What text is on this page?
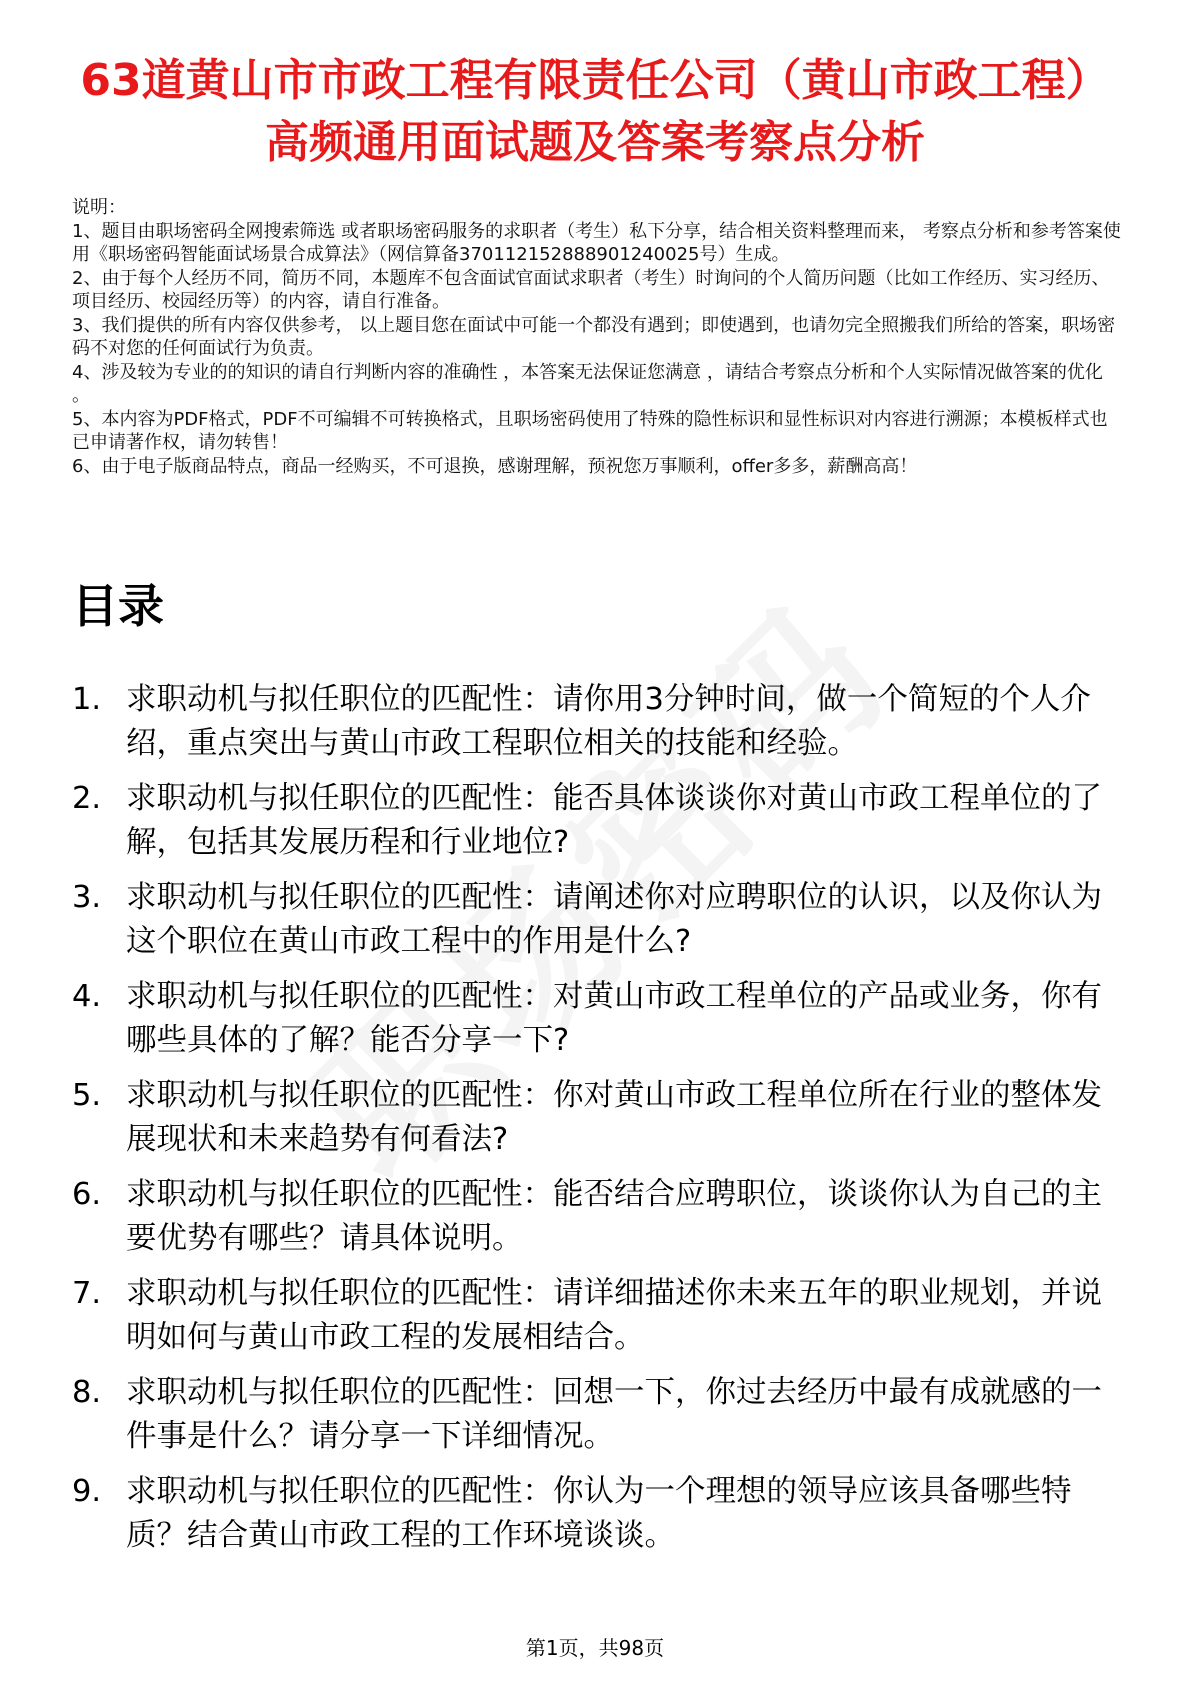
63道黄山市市政工程有限责任公司（黄山市政工程）高频通用面试题及答案考察点分析

说明：

1、题目由职场密码全网搜索筛选 或者职场密码服务的求职者（考生）私下分享，结合相关资料整理而来， 考察点分析和参考答案使用《职场密码智能面试场景合成算法》（网信算备370112152888901240025号）生成。

2、由于每个人经历不同，简历不同，本题库不包含面试官面试求职者（考生）时询问的个人简历问题（比如工作经历、实习经历、项目经历、校园经历等）的内容，请自行准备。

3、我们提供的所有内容仅供参考， 以上题目您在面试中可能一个都没有遇到；即使遇到，也请勿完全照搬我们所给的答案，职场密码不对您的任何面试行为负责。

4、涉及较为专业的的知识的请自行判断内容的准确性 ，本答案无法保证您满意 ，请结合考察点分析和个人实际情况做答案的优化 。

5、本内容为PDF格式，PDF不可编辑不可转换格式，且职场密码使用了特殊的隐性标识和显性标识对内容进行溯源；本模板样式也已申请著作权，请勿转售！

6、由于电子版商品特点，商品一经购买，不可退换，感谢理解，预祝您万事顺利，offer多多，薪酬高高！

目录
1. 求职动机与拟任职位的匹配性：请你用3分钟时间，做一个简短的个人介绍，重点突出与黄山市政工程职位相关的技能和经验。
2. 求职动机与拟任职位的匹配性：能否具体谈谈你对黄山市政工程单位的了解，包括其发展历程和行业地位?
3. 求职动机与拟任职位的匹配性：请阐述你对应聘职位的认识，以及你认为这个职位在黄山市政工程中的作用是什么?
4. 求职动机与拟任职位的匹配性：对黄山市政工程单位的产品或业务，你有哪些具体的了解？能否分享一下?
5. 求职动机与拟任职位的匹配性：你对黄山市政工程单位所在行业的整体发展现状和未来趋势有何看法?
6. 求职动机与拟任职位的匹配性：能否结合应聘职位，谈谈你认为自己的主要优势有哪些？请具体说明。
7. 求职动机与拟任职位的匹配性：请详细描述你未来五年的职业规划，并说明如何与黄山市政工程的发展相结合。
8. 求职动机与拟任职位的匹配性：回想一下，你过去经历中最有成就感的一件事是什么？请分享一下详细情况。
9. 求职动机与拟任职位的匹配性：你认为一个理想的领导应该具备哪些特质？结合黄山市政工程的工作环境谈谈。
第1页，共98页
